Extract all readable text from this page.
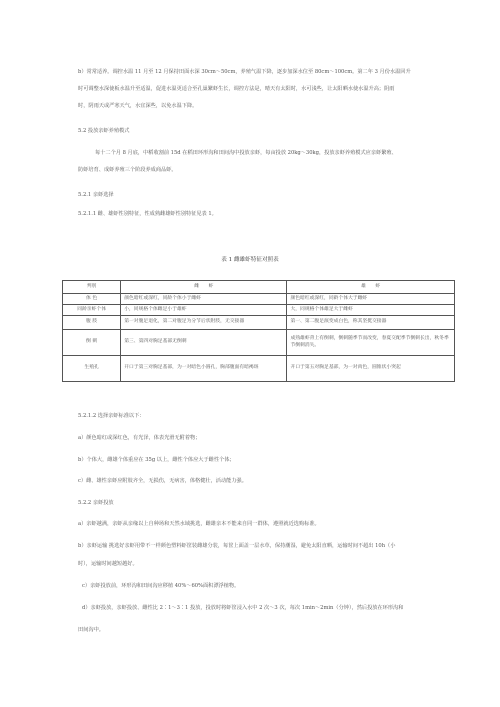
b）常常适养。调控水温 11 月至 12 月保持田面水深 30cm～50cm，养殖气温下降，逐步加深水位至 80cm～100cm。第二年 3 月份水温回升
时可调整水深使板水温升至适温，促进水温更适合至孔巢繁虾生长，调控方法是，晴天有太阳时，水可浅些，让太阳晒水使水温升高；阴雨
时，阴雨天或严寒天气，水宜深些，以免水温下降。
5.2 投放亲虾养殖模式
每十二个月 8 月底，中稻收割前 15d 在稻田环形沟和田间沟中投放亲虾，每亩投放 20kg～30kg，投放亲虾养殖模式应亲虾繁殖、
防虾培育、成虾养殖三个阶段养成商品虾。
5.2.1 亲虾选择
5.2.1.1 雌、雄虾性别特征，性成熟雌雄虾性别特征见表 1。
表 1 雌雄虾特征对照表
判别	雌　　虾	雄　　虾
体 色	颜色暗红或深红，同龄个体小于雌虾	颜色暗红或深红，同龄个体大于雌虾
同龄亲虾个体	小，同规格个体雌足小于雄虾	大，同规格个体雄足大于雌虾
腹 肢	第一对腹足退化，第二对腹足为分节后状附肢，无交接器	第一、第二腹足演变成白色，称其坚挺交接器
倒 刺	第三、第四对胸足基部无倒刺	成熟雄虾背上有倒刺，倒刺随季节而改变，春夏交配季节倒刺长出，秋冬季节倒刺消失。
生殖孔	开口于第三对胸足基部，为一对暗色小圆孔，胸部腹面有暗褐斑	开口于第五对胸足基部，为一对肉色，圆锥状小突起
5.2.1.2 选择亲虾标准以下：
a）颜色暗红或深红色，有光泽，体表光滑无附着物；
b）个体大，雌雄个体重应在 35g 以上，雌性个体应大于雌性个体；
c）雌、雄性亲虾应附肢齐全，无损伤，无病害，体格健壮，活动能力强。
5.2.2 亲虾投放
a）亲虾越满，亲虾从亲缘以上自种场和天然水域挑选，雌雄亲本不能来自同一群体，遵照就近选购标准。
b）亲虾运输 挑选好亲虾用带不一样颜色塑料虾筐装雌雄分装，每筐上面盖一层水草，保持潮湿，避免太阳直晒，运输时间不超出 10h（小
时），运输时间越短越好。
c）亲虾投放前，环形沟和田间沟应移植 40%～60%面积漂浮植物。
d）亲虾投放，亲虾投放、雌性比 2∶1～3∶1 投放，投放时将虾筐浸入水中 2 次～3 次，每次 1min～2min（分钟），然后投放在环形沟和
田间沟中。
